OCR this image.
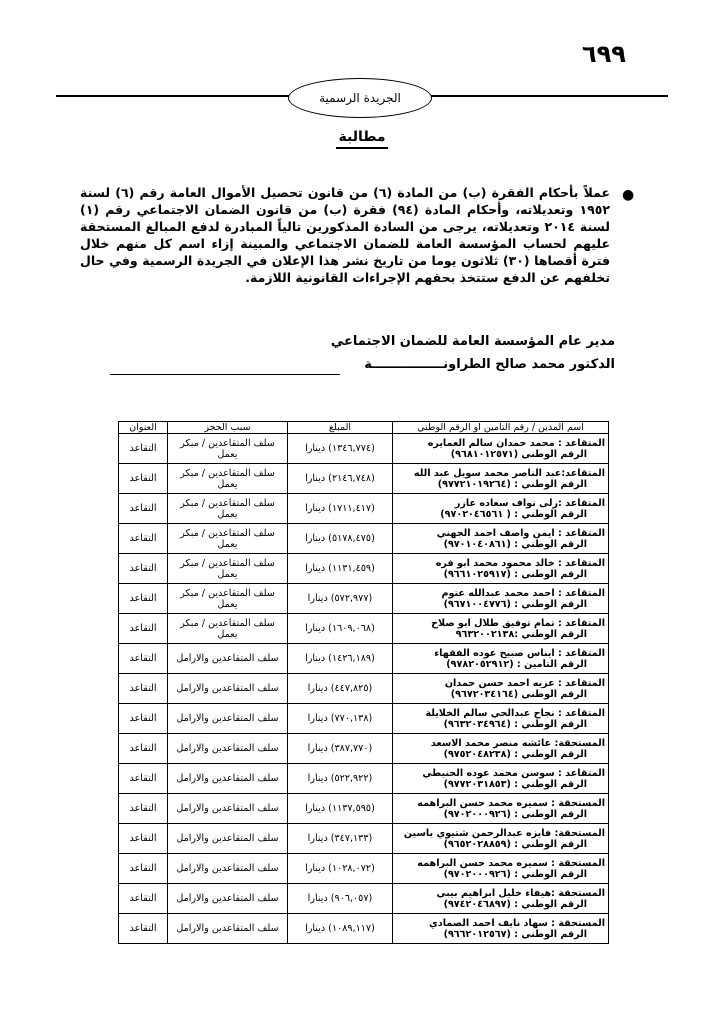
٦٩٩
الجريدة الرسمية
مطالبة
●
عملاً بأحكام الفقرة (ب) من المادة (٦) من قانون تحصيل الأموال العامة رقم (٦) لسنة ١٩٥٢ وتعديلاته، وأحكام المادة (٩٤) فقرة (ب) من قانون الضمان الاجتماعي رقم (١) لسنة ٢٠١٤ وتعديلاته، يرجى من السادة المذكورين تالياً المبادرة لدفع المبالغ المستحقة عليهم لحساب المؤسسة العامة للضمان الاجتماعي والمبينة إزاء اسم كل منهم خلال فترة أقصاها (٣٠) ثلاثون يوما من تاريخ نشر هذا الإعلان في الجريدة الرسمية وفي حال تخلفهم عن الدفع ستتخذ بحقهم الإجراءات القانونية اللازمة.
مدير عام المؤسسة العامة للضمان الاجتماعي
الدكتور محمد صالح الطراونــــــــــــــــة
اسم المدين / رقم التامين او الرقم الوطني	المبلغ	سبب الحجز	العنوان

المتقاعد : محمد حمدان سالم العمايره
الرقم الوطني (٩٦٨١٠١٢٥٧١)	(١٣٤٦,٧٧٤) دينارا	سلف المتقاعدين / مبكر يعمل	التقاعد

المتقاعد:عبد الناصر محمد سويل عبد الله
الرقم الوطني : (٩٧٧٢١٠١٩٢٦٤)	(٢١٤٦,٧٤٨) دينارا	سلف المتقاعدين / مبكر يعمل	التقاعد

المتقاعد :رلى نواف سعاده عازر
الرقم الوطني : ( ٩٧٠٢٠٤٦٥٦١)	(١٧١١,٤١٧) دينارا	سلف المتقاعدين / مبكر يعمل	التقاعد

المتقاعد : ايمن واصف احمد الجهني
الرقم الوطني : (٩٧٠١٠٤٠٨٦١)	(٥١٧٨,٤٧٥) دينارا	سلف المتقاعدين / مبكر يعمل	التقاعد

المتقاعد : خالد محمود محمد ابو فره
الرقم الوطني : (٩٦٦١٠٢٥٩١٧)	(١١٣١,٤٥٩) دينارا	سلف المتقاعدين / مبكر يعمل	التقاعد

المتقاعد : احمد محمد عبدالله عتوم
الرقم الوطني : (٩٦٧١٠٠٤٧٧٦)	(٥٧٢,٩٧٧) دينارا	سلف المتقاعدين / مبكر يعمل	التقاعد

المتقاعد : تمام توفيق طلال ابو صلاح
الرقم الوطني :٩٦٣٢٠٠٢١٣٨	(١٦٠٩,٠٦٨) دينارا	سلف المتقاعدين / مبكر يعمل	التقاعد

المتقاعد : ايناس صبيح عوده الفقهاء
الرقم التأمين : (٩٧٨٢٠٥٢٩١٢)	(١٤٢٦,١٨٩) دينارا	سلف المتقاعدين والارامل	التقاعد

المتقاعد : عزيه احمد حسن حمدان
الرقم الوطني (٩٦٧٢٠٣٤١٦٤)	(٤٤٧,٨٢٥) دينارا	سلف المتقاعدين والارامل	التقاعد

المتقاعد : نجاح عبدالحي سالم الخلايلة
الرقم الوطني : (٩٦٣٢٠٣٤٩٦٤)	(٧٧٠,١٣٨) دينارا	سلف المتقاعدين والارامل	التقاعد

المستحقة: عائشه منصر محمد الاسعد
الرقم الوطني : (٩٧٥٢٠٤٨٢٣٨)	(٣٨٧,٧٧٠) دينارا	سلف المتقاعدين والارامل	التقاعد

المتقاعد : سوسن محمد عوده الحنيطي
الرقم الوطني : (٩٧٧٢٠٣١٨٥٣)	(٥٢٢,٩٢٢) دينارا	سلف المتقاعدين والارامل	التقاعد

المستحقة : سميره محمد حسن البراهمه
الرقم الوطني : (٩٧٠٢٠٠٠٩٢٦)	(١١٣٧,٥٩٥) دينارا	سلف المتقاعدين والارامل	التقاعد

المستحقة: فايزه عبدالرحمن شتيوي ياسين
الرقم الوطني : (٩٦٥٢٠٢٨٨٥٩)	(٣٤٧,١٣٣) دينارا	سلف المتقاعدين والارامل	التقاعد

المستحقة : سميره محمد حسن البراهمه
الرقم الوطني : (٩٧٠٢٠٠٠٩٢٦)	(١٠٢٨,٠٧٢) دينارا	سلف المتقاعدين والارامل	التقاعد

المستحقة :هيفاء خليل ابراهيم بيبي
الرقم الوطني : (٩٧٤٢٠٤٦٨٩٧)	(٩٠٦,٠٥٧) دينارا	سلف المتقاعدين والارامل	التقاعد

المستحقة : سهاد نايف احمد الصمادي
الرقم الوطني : (٩٦٦٢٠١٢٥٦٧)	(١٠٨٩,١١٧) دينارا	سلف المتقاعدين والارامل	التقاعد
